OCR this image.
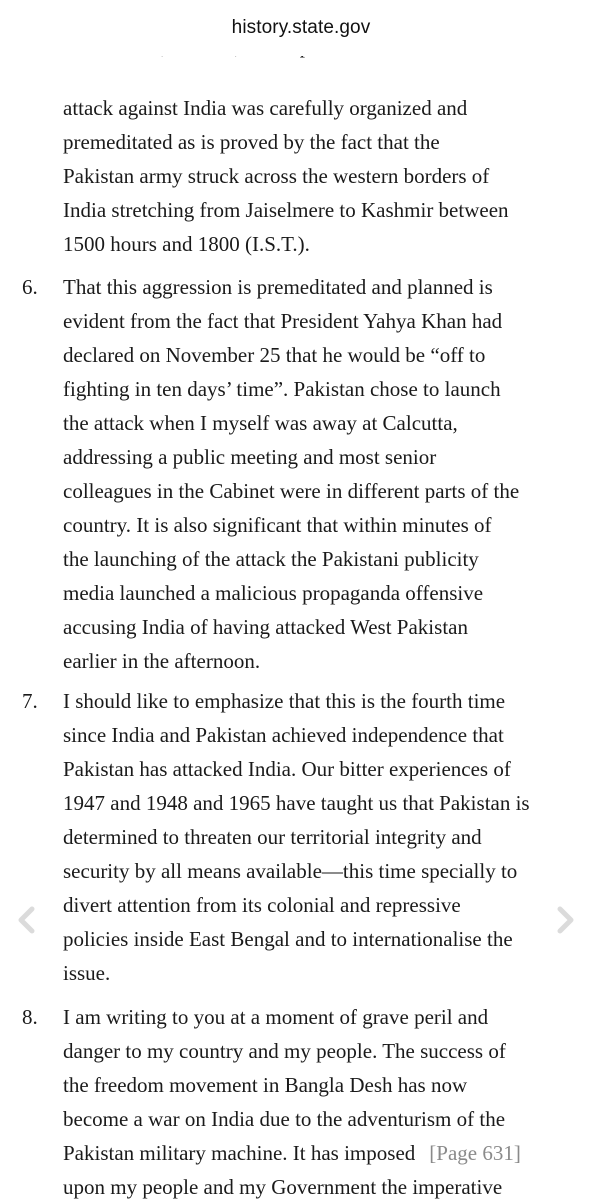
attack against India was carefully organized and
premeditated as is proved by the fact that the
Pakistan army struck across the western borders of
India stretching from Jaiselmere to Kashmir between
1500 hours and 1800 (I.S.T.).
6. That this aggression is premeditated and planned is
evident from the fact that President Yahya Khan had
declared on November 25 that he would be “off to
fighting in ten days’ time”. Pakistan chose to launch
the attack when I myself was away at Calcutta,
addressing a public meeting and most senior
colleagues in the Cabinet were in different parts of the
country. It is also significant that within minutes of
the launching of the attack the Pakistani publicity
media launched a malicious propaganda offensive
accusing India of having attacked West Pakistan
earlier in the afternoon.
7. I should like to emphasize that this is the fourth time
since India and Pakistan achieved independence that
Pakistan has attacked India. Our bitter experiences of
1947 and 1948 and 1965 have taught us that Pakistan is
determined to threaten our territorial integrity and
security by all means available—this time specially to
divert attention from its colonial and repressive
policies inside East Bengal and to internationalise the
issue.
8. I am writing to you at a moment of grave peril and
danger to my country and my people. The success of
the freedom movement in Bangla Desh has now
become a war on India due to the adventurism of the
Pakistan military machine. It has imposed [Page 631]
upon my people and my Government the imperative
history.state.gov
